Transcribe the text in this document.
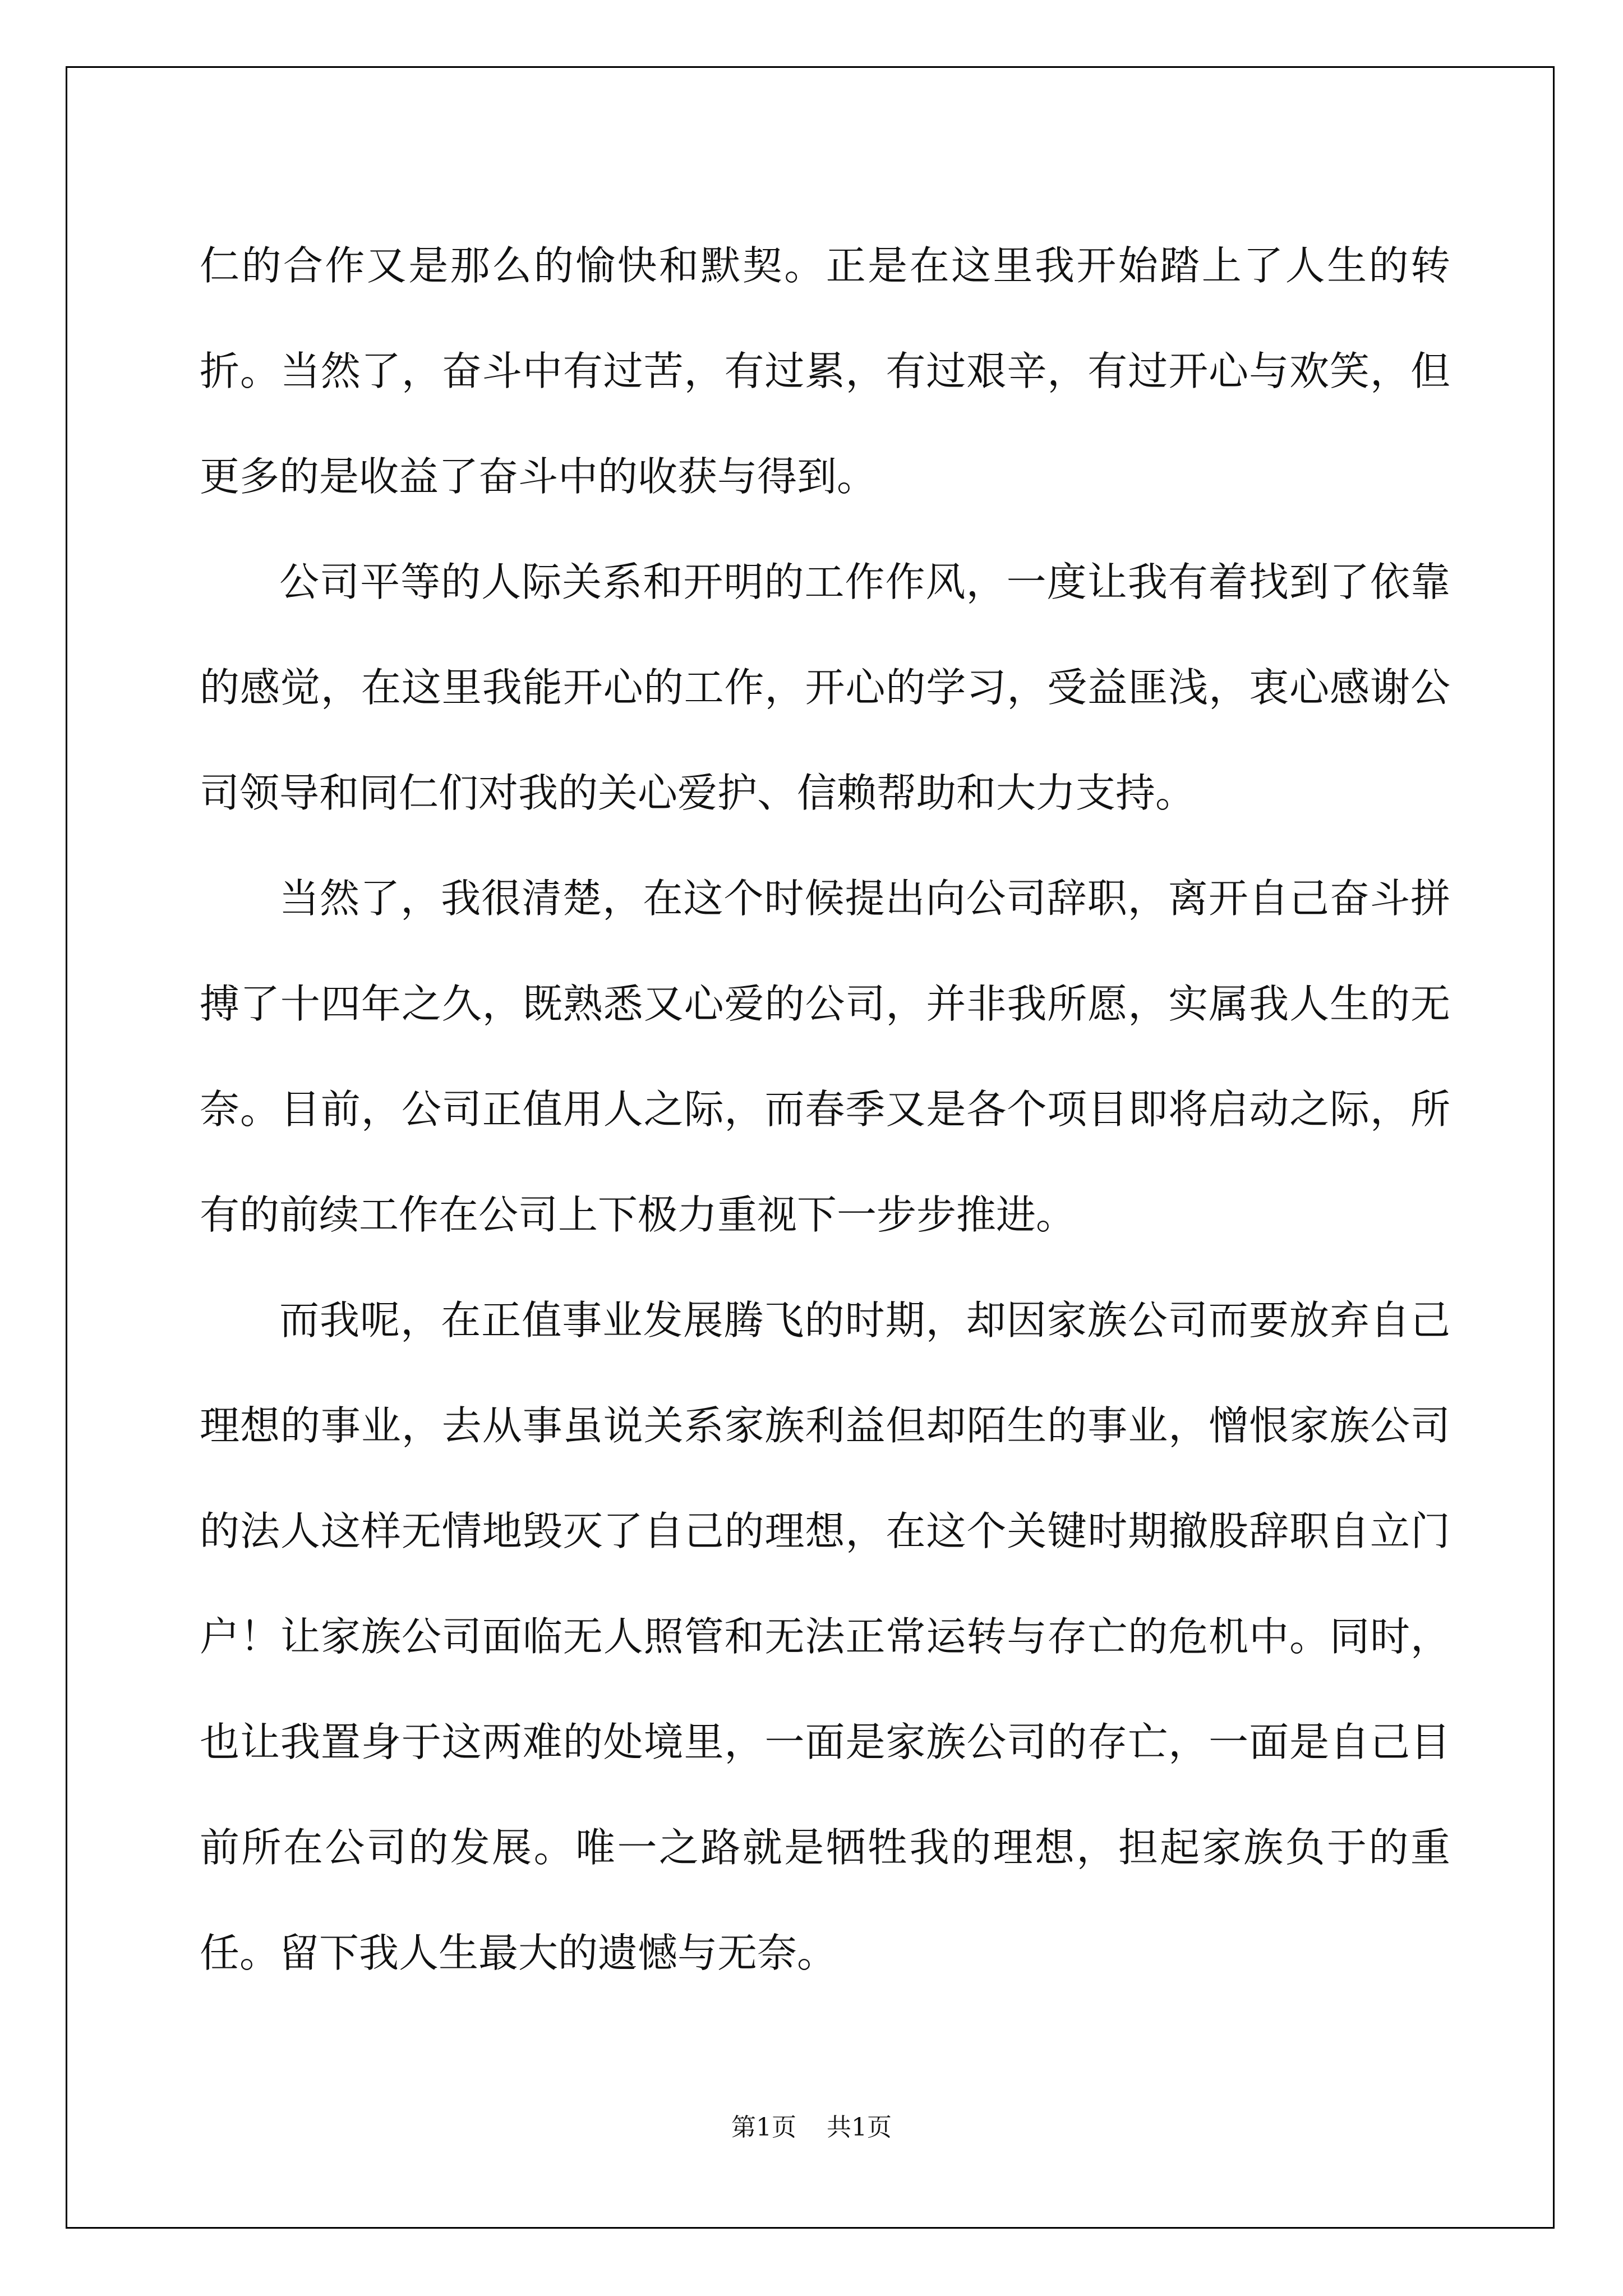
仁的合作又是那么的愉快和默契。正是在这里我开始踏上了人生的转折。当然了，奋斗中有过苦，有过累，有过艰辛，有过开心与欢笑，但更多的是收益了奋斗中的收获与得到。

公司平等的人际关系和开明的工作作风，一度让我有着找到了依靠的感觉，在这里我能开心的工作，开心的学习，受益匪浅，衷心感谢公司领导和同仁们对我的关心爱护、信赖帮助和大力支持。

当然了，我很清楚，在这个时候提出向公司辞职，离开自己奋斗拼搏了十四年之久，既熟悉又心爱的公司，并非我所愿，实属我人生的无奈。目前，公司正值用人之际，而春季又是各个项目即将启动之际，所有的前续工作在公司上下极力重视下一步步推进。

而我呢，在正值事业发展腾飞的时期，却因家族公司而要放弃自己理想的事业，去从事虽说关系家族利益但却陌生的事业，憎恨家族公司的法人这样无情地毁灭了自己的理想，在这个关键时期撤股辞职自立门户！让家族公司面临无人照管和无法正常运转与存亡的危机中。同时，也让我置身于这两难的处境里，一面是家族公司的存亡，一面是自己目前所在公司的发展。唯一之路就是牺牲我的理想，担起家族负于的重任。留下我人生最大的遗憾与无奈。

第1页 共1页
